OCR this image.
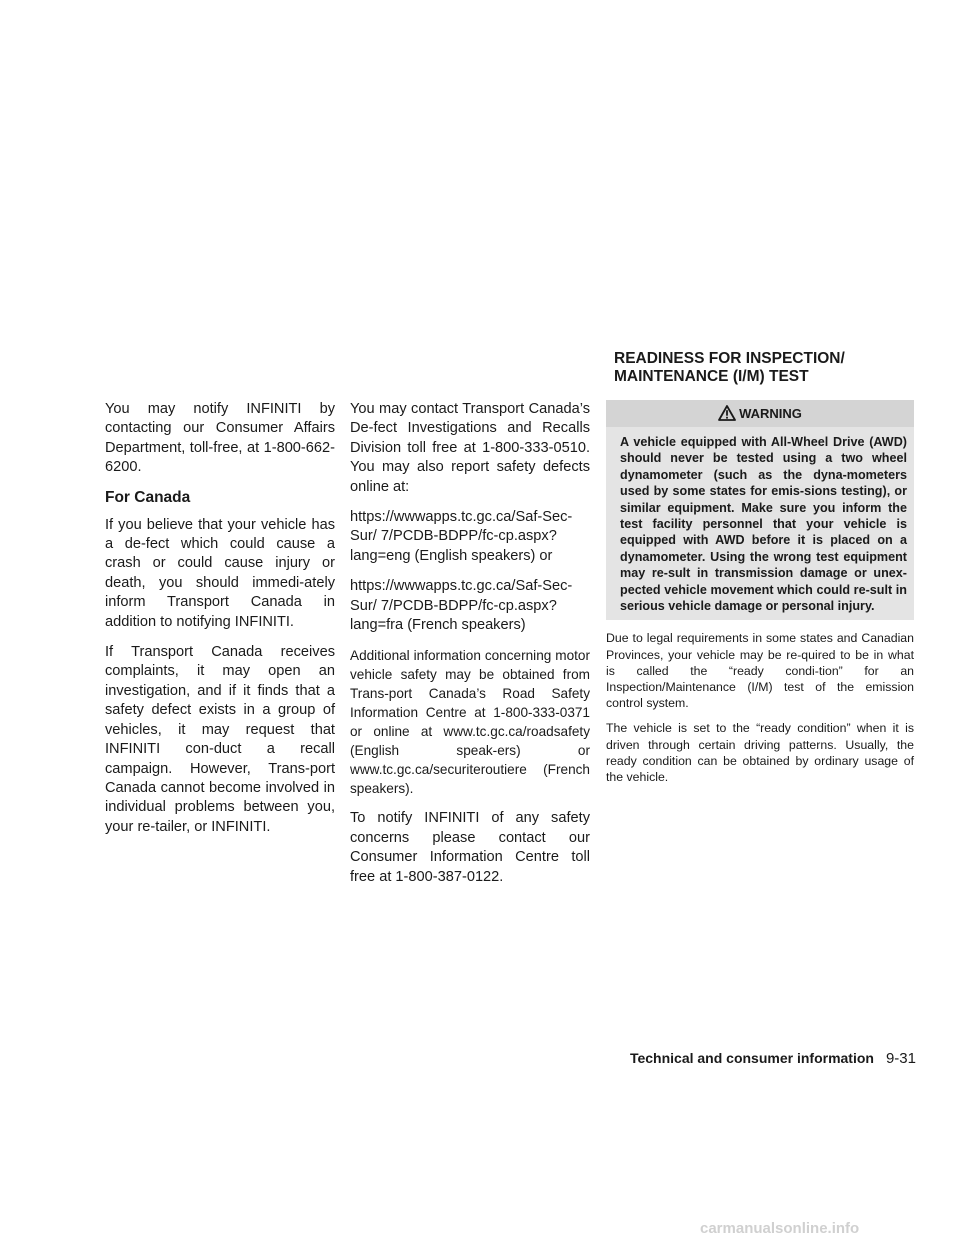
You may notify INFINITI by contacting our Consumer Affairs Department, toll-free, at 1-800-662-6200.

For Canada

If you believe that your vehicle has a de-fect which could cause a crash or could cause injury or death, you should immedi-ately inform Transport Canada in addition to notifying INFINITI.

If Transport Canada receives complaints, it may open an investigation, and if it finds that a safety defect exists in a group of vehicles, it may request that INFINITI con-duct a recall campaign. However, Trans-port Canada cannot become involved in individual problems between you, your re-tailer, or INFINITI.

You may contact Transport Canada’s De-fect Investigations and Recalls Division toll free at 1-800-333-0510. You may also report safety defects online at:

https://wwwapps.tc.gc.ca/Saf-Sec-Sur/ 7/PCDB-BDPP/fc-cp.aspx?lang=eng (English speakers) or

https://wwwapps.tc.gc.ca/Saf-Sec-Sur/ 7/PCDB-BDPP/fc-cp.aspx?lang=fra (French speakers)

Additional information concerning motor vehicle safety may be obtained from Trans-port Canada’s Road Safety Information Centre at 1-800-333-0371 or online at www.tc.gc.ca/roadsafety (English speak-ers) or www.tc.gc.ca/securiteroutiere (French speakers).

To notify INFINITI of any safety concerns please contact our Consumer Information Centre toll free at 1-800-387-0122.

READINESS FOR INSPECTION/ MAINTENANCE (I/M) TEST
WARNING

A vehicle equipped with All-Wheel Drive (AWD) should never be tested using a two wheel dynamometer (such as the dyna-mometers used by some states for emis-sions testing), or similar equipment. Make sure you inform the test facility personnel that your vehicle is equipped with AWD before it is placed on a dynamometer. Using the wrong test equipment may re-sult in transmission damage or unex-pected vehicle movement which could re-sult in serious vehicle damage or personal injury.

Due to legal requirements in some states and Canadian Provinces, your vehicle may be re-quired to be in what is called the “ready condi-tion” for an Inspection/Maintenance (I/M) test of the emission control system.

The vehicle is set to the “ready condition” when it is driven through certain driving patterns. Usually, the ready condition can be obtained by ordinary usage of the vehicle.

Technical and consumer information 9-31
carmanualsonline.info
